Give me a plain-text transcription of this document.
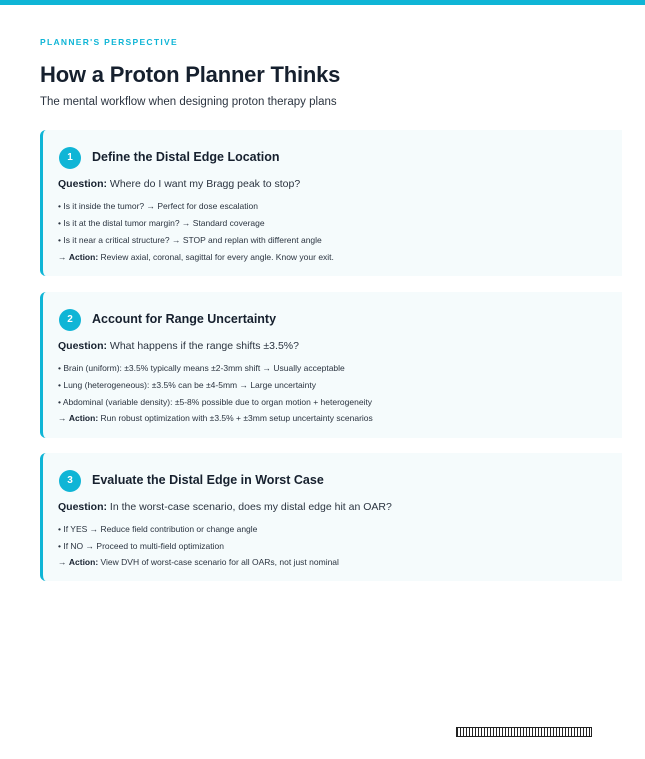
PLANNER'S PERSPECTIVE
How a Proton Planner Thinks
The mental workflow when designing proton therapy plans
1	Define the Distal Edge Location
Question: Where do I want my Bragg peak to stop?
• Is it inside the tumor? → Perfect for dose escalation
• Is it at the distal tumor margin? → Standard coverage
• Is it near a critical structure? → STOP and replan with different angle
→ Action: Review axial, coronal, sagittal for every angle. Know your exit.
2	Account for Range Uncertainty
Question: What happens if the range shifts ±3.5%?
• Brain (uniform): ±3.5% typically means ±2-3mm shift → Usually acceptable
• Lung (heterogeneous): ±3.5% can be ±4-5mm → Large uncertainty
• Abdominal (variable density): ±5-8% possible due to organ motion + heterogeneity
→ Action: Run robust optimization with ±3.5% + ±3mm setup uncertainty scenarios
3	Evaluate the Distal Edge in Worst Case
Question: In the worst-case scenario, does my distal edge hit an OAR?
• If YES → Reduce field contribution or change angle
• If NO → Proceed to multi-field optimization
→ Action: View DVH of worst-case scenario for all OARs, not just nominal
